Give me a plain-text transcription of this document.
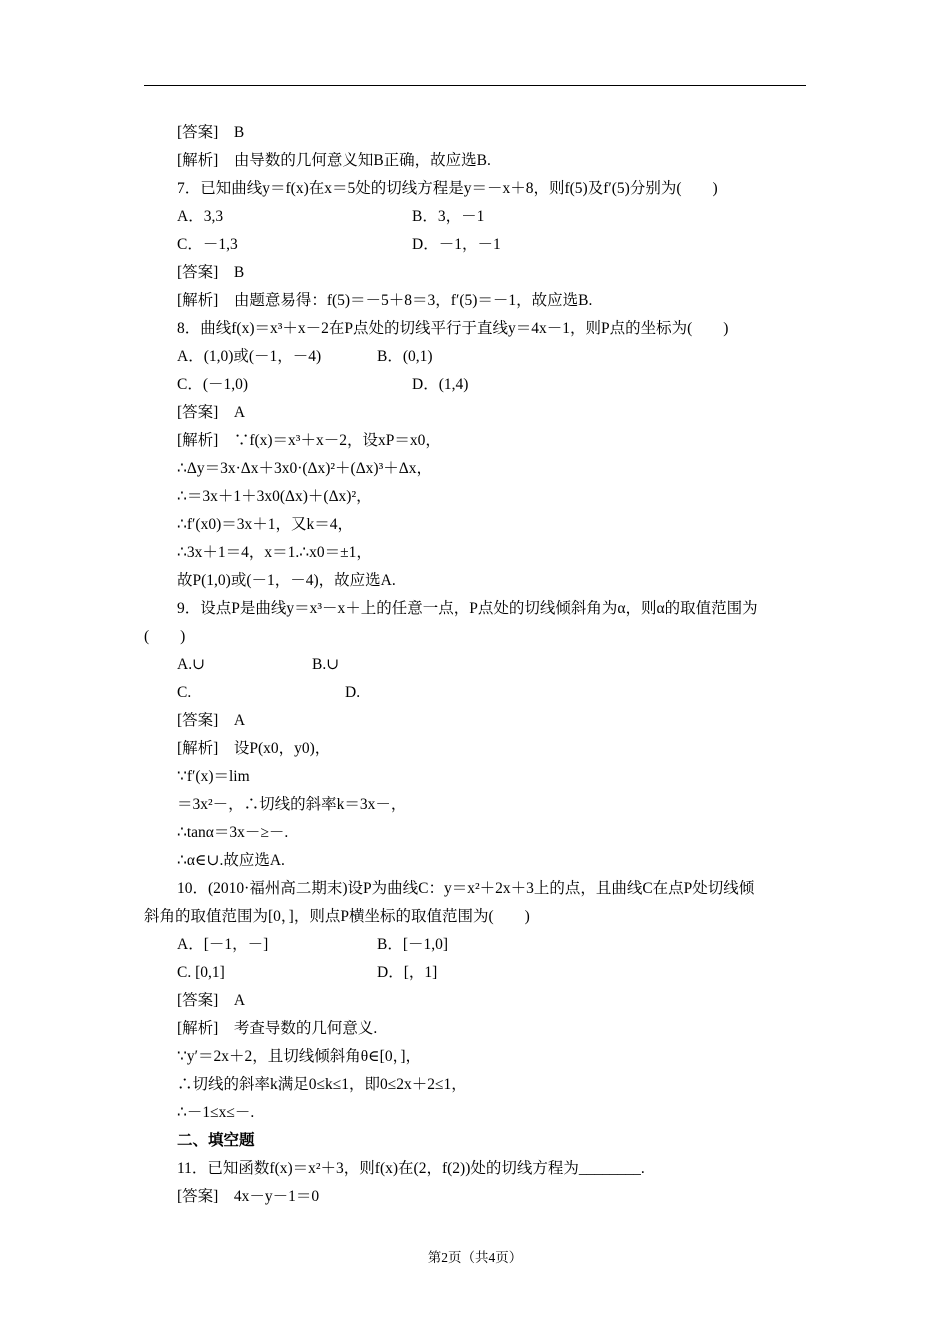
[答案]　B
[解析]　由导数的几何意义知B正确，故应选B.
7．已知曲线y＝f(x)在x＝5处的切线方程是y＝－x＋8，则f(5)及f′(5)分别为(　　)
A．3,3	B．3，－1
C．－1,3	D．－1，－1
[答案]　B
[解析]　由题意易得：f(5)＝－5＋8＝3，f′(5)＝－1，故应选B.
8．曲线f(x)＝x³＋x－2在P点处的切线平行于直线y＝4x－1，则P点的坐标为(　　)
A．(1,0)或(－1，－4)	B．(0,1)
C．(－1,0)	D．(1,4)
[答案]　A
[解析]　∵f(x)＝x³＋x－2，设xP＝x0，
∴Δy＝3x·Δx＋3x0·(Δx)²＋(Δx)³＋Δx，
∴＝3x＋1＋3x0(Δx)＋(Δx)²，
∴f′(x0)＝3x＋1，又k＝4，
∴3x＋1＝4，x＝1.∴x0＝±1，
故P(1,0)或(－1，－4)，故应选A.
9．设点P是曲线y＝x³－x＋上的任意一点，P点处的切线倾斜角为α，则α的取值范围为
(　　)
A.∪	B.∪
C.	D.
[答案]　A
[解析]　设P(x0，y0)，
∵f′(x)＝lim
＝3x²－，∴切线的斜率k＝3x－，
∴tanα＝3x－≥－.
∴α∈∪.故应选A.
10．(2010·福州高二期末)设P为曲线C：y＝x²＋2x＋3上的点，且曲线C在点P处切线倾
斜角的取值范围为[0，]，则点P横坐标的取值范围为(　　)
A．[－1，－]	B．[－1,0]
C. [0,1]	D．[，1]
[答案]　A
[解析]　考查导数的几何意义.
∵y′＝2x＋2，且切线倾斜角θ∈[0，]，
∴切线的斜率k满足0≤k≤1，即0≤2x＋2≤1，
∴－1≤x≤－.
二、填空题
11．已知函数f(x)＝x²＋3，则f(x)在(2，f(2))处的切线方程为________.
[答案]　4x－y－1＝0
第2页（共4页）
